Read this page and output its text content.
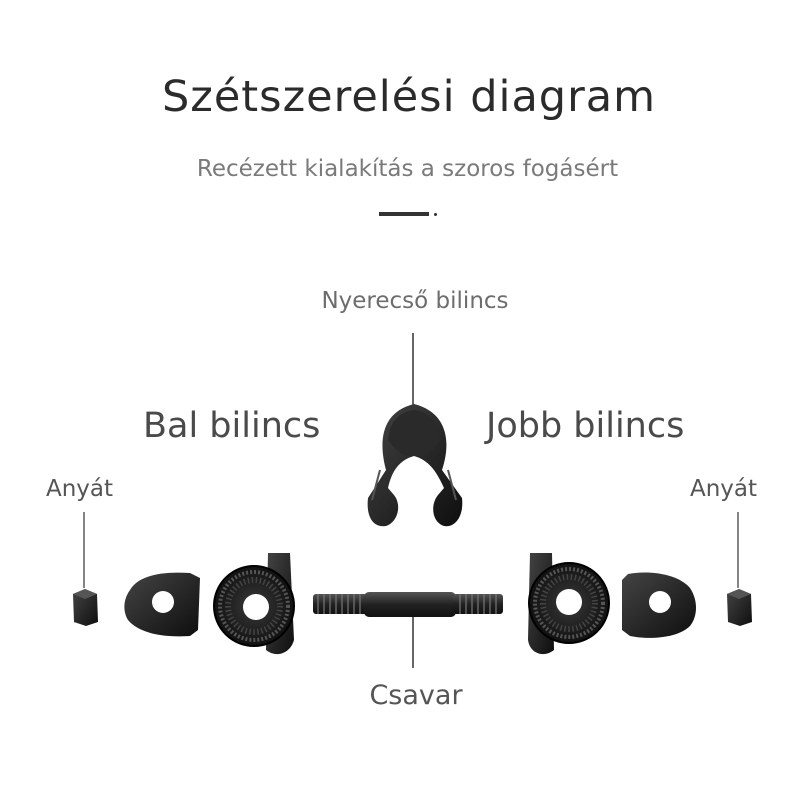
Szétszerelési diagram
Recézett kialakítás a szoros fogásért
Nyerecső bilincs
Bal bilincs	Jobb bilincs
Anyát	Anyát
Csavar
